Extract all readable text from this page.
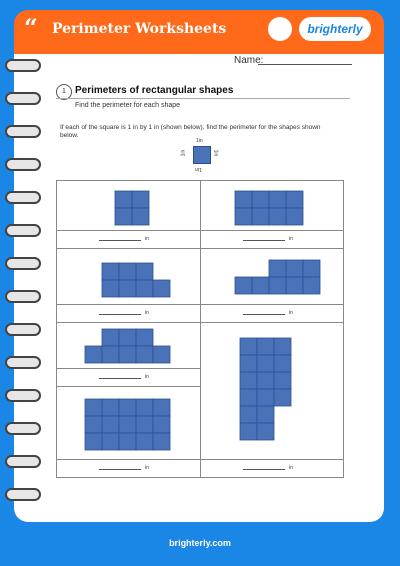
“ Perimeter Worksheets	brighterly
Name:
1 Perimeters of rectangular shapes
Find the perimeter for each shape
If each of the square is 1 in by 1 in (shown below), find the perimeter for the shapes shown below.
1in
1in	1in
1in
in	in
in	in
in
in	in
brighterly.com
